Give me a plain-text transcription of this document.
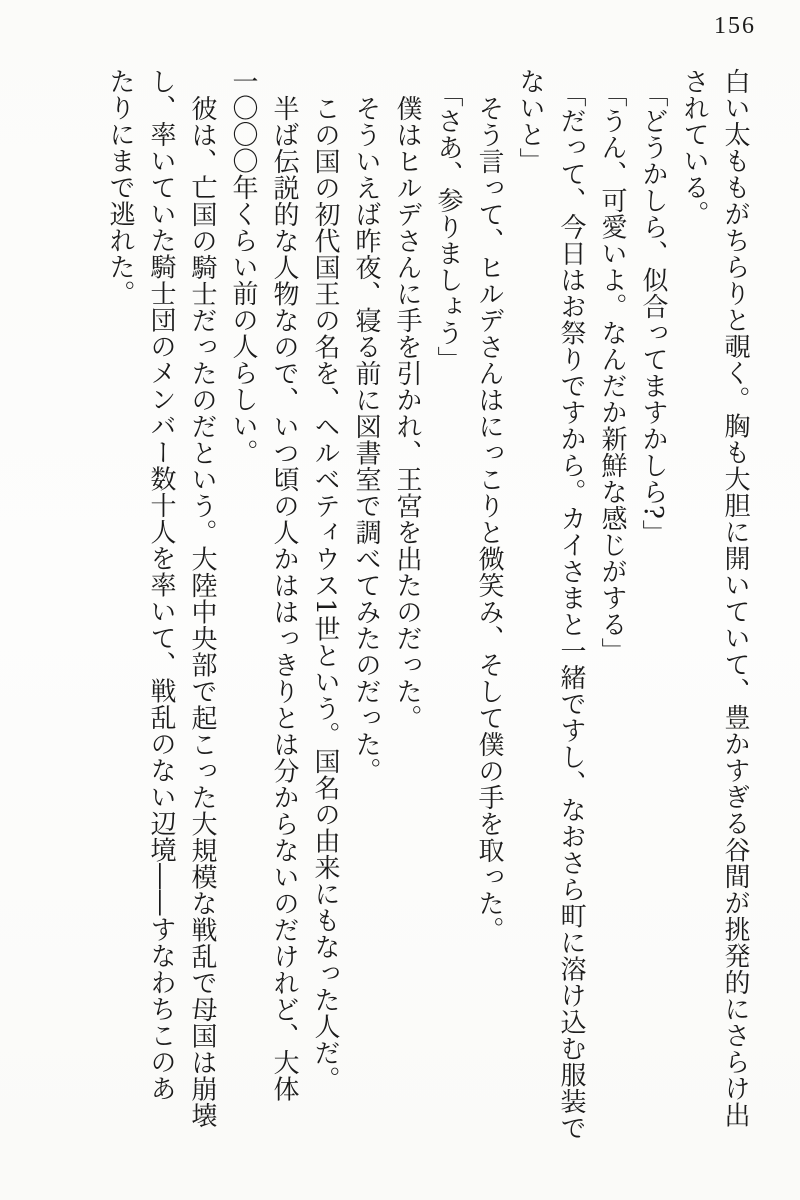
156

白い太ももがちらりと覗く。胸も大胆に開いていて、豊かすぎる谷間が挑発的にさらけ出

されている。

「どうかしら、似合ってますかしら?」

「うん、可愛いよ。なんだか新鮮な感じがする」

「だって、今日はお祭りですから。カイさまと一緒ですし、なおさら町に溶け込む服装で

ないと」

そう言って、ヒルデさんはにっこりと微笑み、そして僕の手を取った。

「さあ、参りましょう」

僕はヒルデさんに手を引かれ、王宮を出たのだった。

そういえば昨夜、寝る前に図書室で調べてみたのだった。

この国の初代国王の名を、ヘルベティウス1世という。国名の由来にもなった人だ。

半ば伝説的な人物なので、いつ頃の人かははっきりとは分からないのだけれど、大体

一〇〇〇年くらい前の人らしい。

彼は、亡国の騎士だったのだという。大陸中央部で起こった大規模な戦乱で母国は崩壊

し、率いていた騎士団のメンバー数十人を率いて、戦乱のない辺境――すなわちこのあ

たりにまで逃れた。
